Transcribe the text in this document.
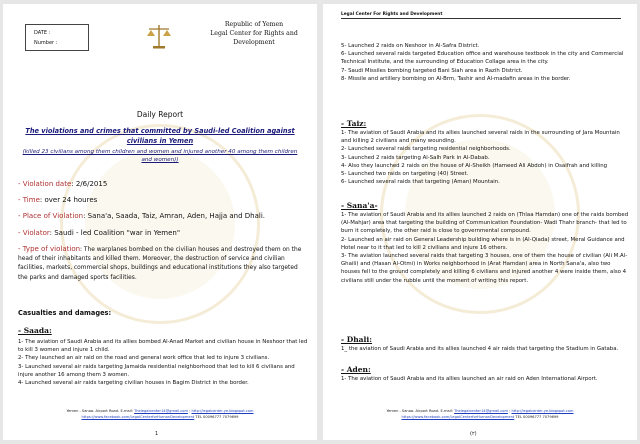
DATE :
Number :
Republic of Yemen
Legal Center for Rights and Development
Daily Report
The violations and crimes that committed by Saudi-led Coalition against civilians in Yemen
(killed 23 civilians among them children and women and injured another 40 among them children and women))
- Violation date: 2/6/2015
- Time: over 24 houres
- Place of Violation: Sana'a, Saada, Taiz, Amran, Aden, Hajja and Dhali.
- Violator: Saudi - led Coalition "war in Yemen"
- Type of violation: The warplanes bombed on the civilian houses and destroyed them on the head of their inhabitants and killed them. Moreover, the destruction of service and civilian facilities, markets, commercial shops, buildings and educational institutions they also targeted the parks and damaged sports facilities.
Casualties and damages:
- Saada:

1- The aviation of Saudi Arabia and its allies bombed Al-Anad Market and civilian house in Neshoor that led to kill 3 women and injure 1 child.

2- They launched an air raid on the road and general work office that led to injure 3 civilians.

3- Launched several air raids targeting Jamaida residential neighborhood that led to kill 6 civilians and injure another 16 among them 3 women.

4- Launched several air raids targeting civilian houses in Bagim District in the border.

Yemen - Sanaa- Airport Road- E-mail: Thelegalcenter14@gmail.com ; http://legalcenter-ye.blogspot.com
https://www.facebook.com/LegalCenterforHumanDevelopment TEL 00096777 7079699
1
Legal Center For Rights and Development

5- Launched 2 raids on Neshoor in Al-Safra District.

6- Launched several raids targeted Education office and warehouse textbook in the city and Commercial Technical Institute, and the surrounding of Education Collage area in the city.

7- Saudi Missiles bombing targeted Bani Siah area in Razih District.

8- Missile and artillery bombing on Al-Brm, Tashir and Al-madafin areas in the border.

- Taiz:

1- The aviation of Saudi Arabia and its allies launched several raids in the surrounding of Jara Mountain and killing 2 civilians and many wounding.

2- Launched several raids targeting residential neighborhoods.

3- Launched 2 raids targeting Al-Salh Park in Al-Dabab.

4- Also they launched 2 raids on the house of Al-Sheikh (Hameed Ali Abdoh) in Osaifrah and killing

5- Launched two raids on targeting (40) Street.

6- Launched several raids that targeting (Aman) Mountain.

- Sana'a-

1- The aviation of Saudi Arabia and its allies launched 2 raids on (Thlaa Hamdan) one of the raids bombed (Al-Mahjar) area that targeting the building of Communication Foundation- Wadi Thahr branch- that led to burn it completely, the other raid is close to governmental compound.

2- Launched an air raid on General Leadership building where is in (Al-Qiada) street, Meral Guidance and Hotel near to it that led to kill 2 civilians and injure 16 others.

3- The aviation launched several raids that targeting 3 houses, one of them the house of civilian (Ali M.Al-Ghaili) and (Hasan Al-Otmi) in Works neighborhood in (Arat Hamdan) area in North Sana'a, also two houses fell to the ground completely and killing 6 civilians and injured another 4 were inside them, also 4 civilians still under the rubble until the moment of writing this report.

- Dhali:

1_ the aviation of Saudi Arabia and its allies launched 4 air raids that targeting the Stadium in Gataba.

- Aden:

1- The aviation of Saudi Arabia and its allies launched an air raid on Aden International Airport.

Yemen - Sanaa- Airport Road- E-mail: Thelegalcenter14@gmail.com ; http://legalcenter-ye.blogspot.com
https://www.facebook.com/LegalCenterforHumanDevelopment TEL 00096777 7079699
(٢)
